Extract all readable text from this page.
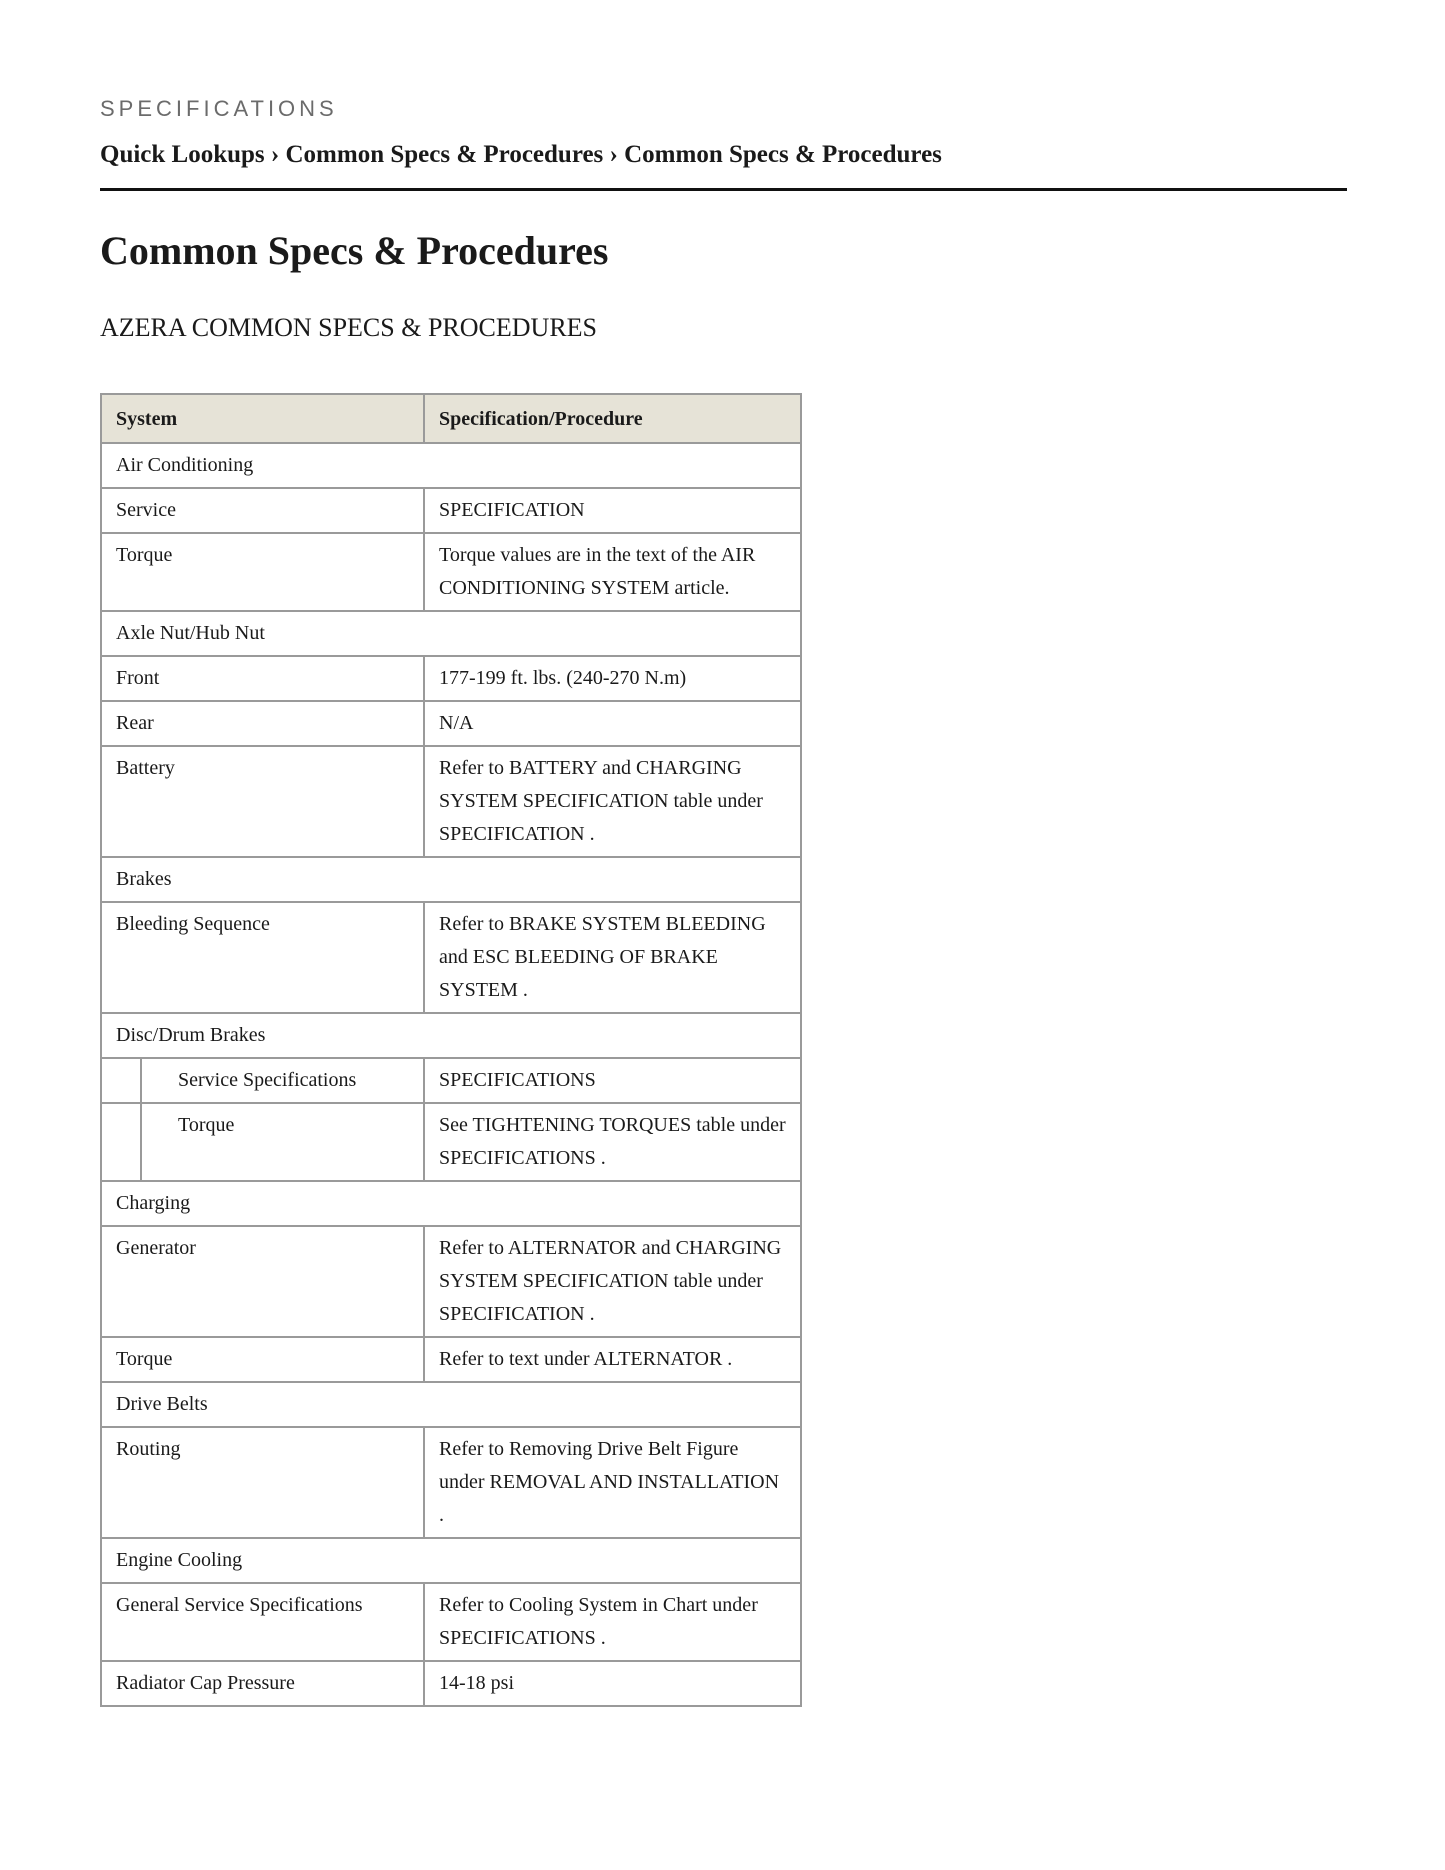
SPECIFICATIONS

Quick Lookups › Common Specs & Procedures › Common Specs & Procedures
Common Specs & Procedures
AZERA COMMON SPECS & PROCEDURES
System	Specification/Procedure
Air Conditioning	
Service	SPECIFICATION
Torque	Torque values are in the text of the AIR CONDITIONING SYSTEM article.
Axle Nut/Hub Nut	
Front	177-199 ft. lbs. (240-270 N.m)
Rear	N/A
Battery	Refer to BATTERY and CHARGING SYSTEM SPECIFICATION table under SPECIFICATION .
Brakes	
Bleeding Sequence	Refer to BRAKE SYSTEM BLEEDING and ESC BLEEDING OF BRAKE SYSTEM .
Disc/Drum Brakes	

Service Specifications	SPECIFICATIONS

Torque	See TIGHTENING TORQUES table under SPECIFICATIONS .
Charging	
Generator	Refer to ALTERNATOR and CHARGING SYSTEM SPECIFICATION table under SPECIFICATION .
Torque	Refer to text under ALTERNATOR .
Drive Belts	
Routing	Refer to Removing Drive Belt Figure under REMOVAL AND INSTALLATION .
Engine Cooling	
General Service Specifications	Refer to Cooling System in Chart under SPECIFICATIONS .
Radiator Cap Pressure	14-18 psi
